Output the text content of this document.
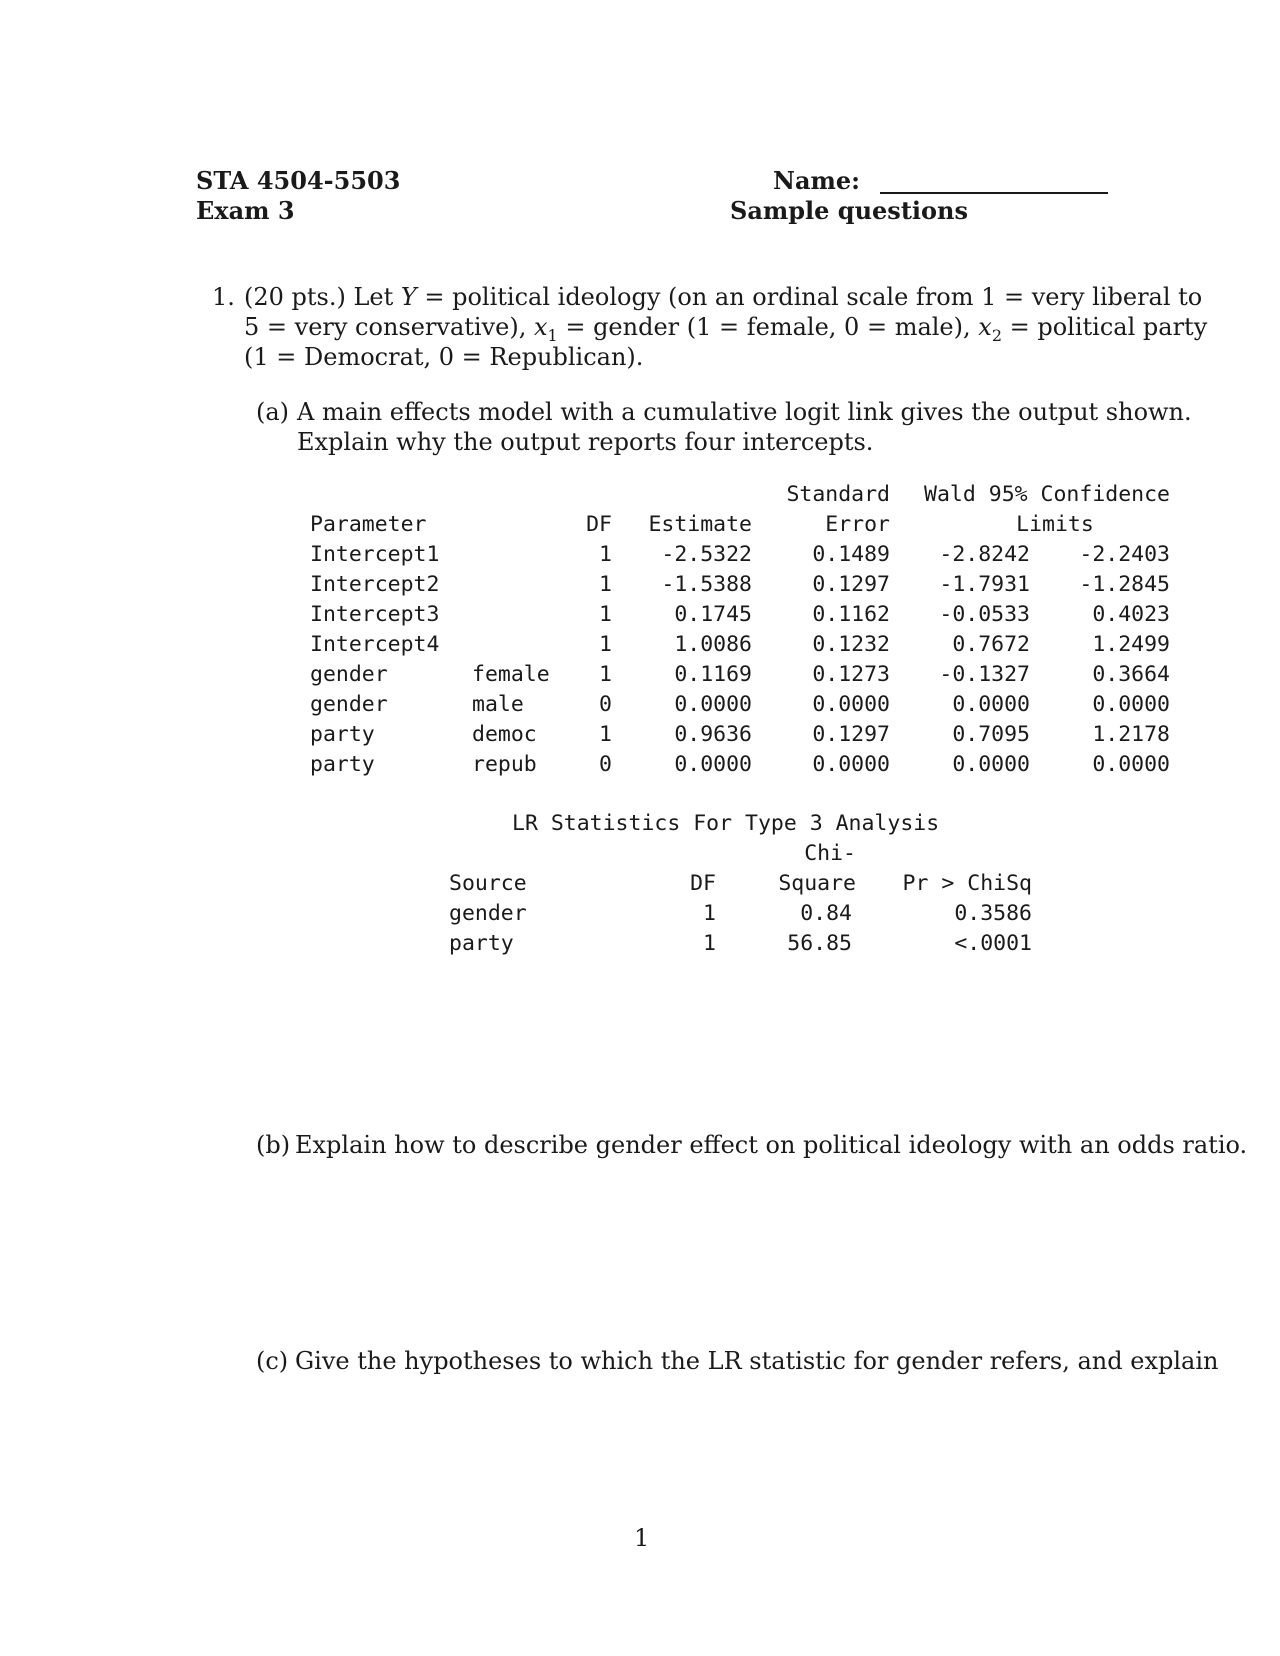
STA 4504-5503
Exam 3
Name:
Sample questions
1. (20 pts.) Let Y = political ideology (on an ordinal scale from 1 = very liberal to
5 = very conservative), $x_1$ = gender (1 = female, 0 = male), $x_2$ = political party
(1 = Democrat, 0 = Republican).
(a) A main effects model with a cumulative logit link gives the output shown.
Explain why the output reports four intercepts.
Standard	Wald 95% Confidence
Parameter	DF	Estimate	Error	Limits
Intercept1	1	-2.5322	0.1489	-2.8242	-2.2403
Intercept2	1	-1.5388	0.1297	-1.7931	-1.2845
Intercept3	1	0.1745	0.1162	-0.0533	0.4023
Intercept4	1	1.0086	0.1232	0.7672	1.2499
gender	female	1	0.1169	0.1273	-0.1327	0.3664
gender	male	0	0.0000	0.0000	0.0000	0.0000
party	democ	1	0.9636	0.1297	0.7095	1.2178
party	repub	0	0.0000	0.0000	0.0000	0.0000
LR Statistics For Type 3 Analysis
Chi-
Source	DF	Square	Pr > ChiSq
gender	1	0.84	0.3586
party	1	56.85	<.0001
(b) Explain how to describe gender effect on political ideology with an odds ratio.
(c) Give the hypotheses to which the LR statistic for gender refers, and explain
1
